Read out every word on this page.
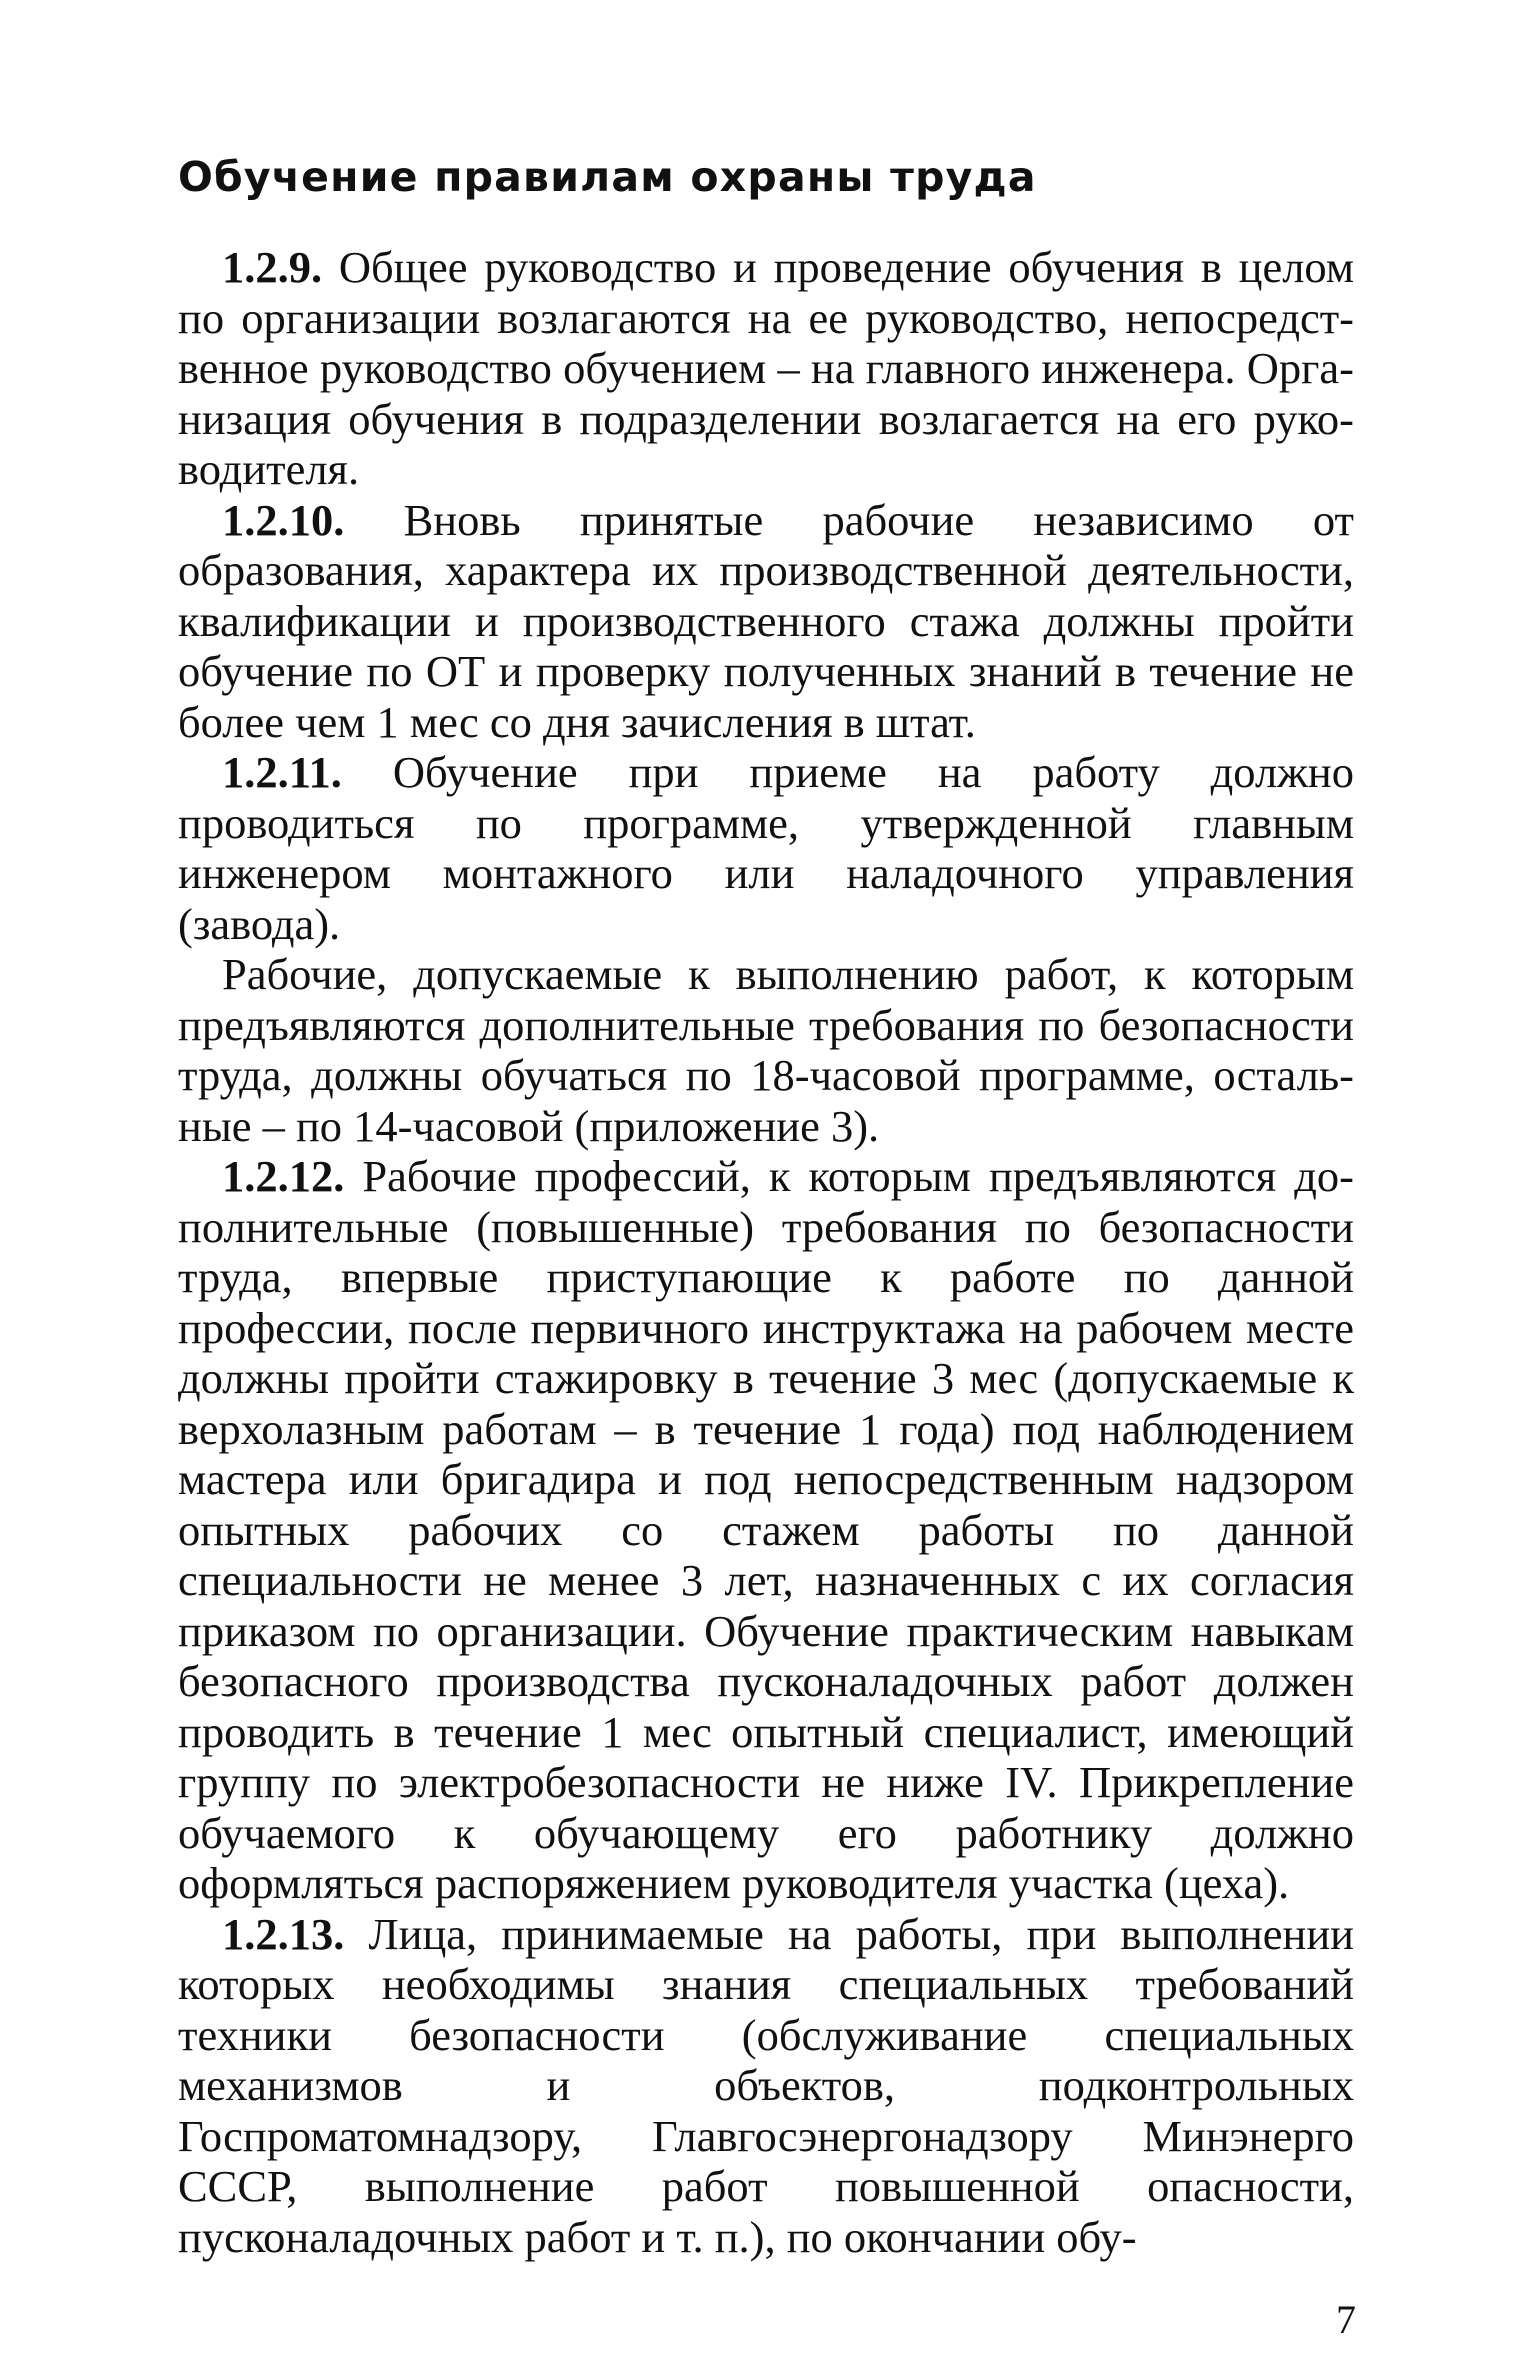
Обучение правилам охраны труда

1.2.9. Общее руководство и проведение обучения в целом по организации возлагаются на ее руководство, непосредственное руководство обучением – на главного инженера. Организация обучения в подразделении возлагается на его руководителя.

1.2.10. Вновь принятые рабочие независимо от образования, характера их производственной деятельности, квалификации и производственного стажа должны пройти обучение по ОТ и проверку полученных знаний в течение не более чем 1 мес со дня зачисления в штат.

1.2.11. Обучение при приеме на работу должно проводиться по программе, утвержденной главным инженером монтажного или наладочного управления (завода).

Рабочие, допускаемые к выполнению работ, к которым предъявляются дополнительные требования по безопасности труда, должны обучаться по 18-часовой программе, остальные – по 14-часовой (приложение 3).

1.2.12. Рабочие профессий, к которым предъявляются дополнительные (повышенные) требования по безопасности труда, впервые приступающие к работе по данной профессии, после первичного инструктажа на рабочем месте должны пройти стажировку в течение 3 мес (допускаемые к верхолазным работам – в течение 1 года) под наблюдением мастера или бригадира и под непосредственным надзором опытных рабочих со стажем работы по данной специальности не менее 3 лет, назначенных с их согласия приказом по организации. Обучение практическим навыкам безопасного производства пусконаладочных работ должен проводить в течение 1 мес опытный специалист, имеющий группу по электробезопасности не ниже IV. Прикрепление обучаемого к обучающему его работнику должно оформляться распоряжением руководителя участка (цеха).

1.2.13. Лица, принимаемые на работы, при выполнении которых необходимы знания специальных требований техники безопасности (обслуживание специальных механизмов и объектов, подконтрольных Госпроматомнадзору, Главгосэнергонадзору Минэнерго СССР, выполнение работ повышенной опасности, пусконаладочных работ и т. п.), по окончании обу-

7
